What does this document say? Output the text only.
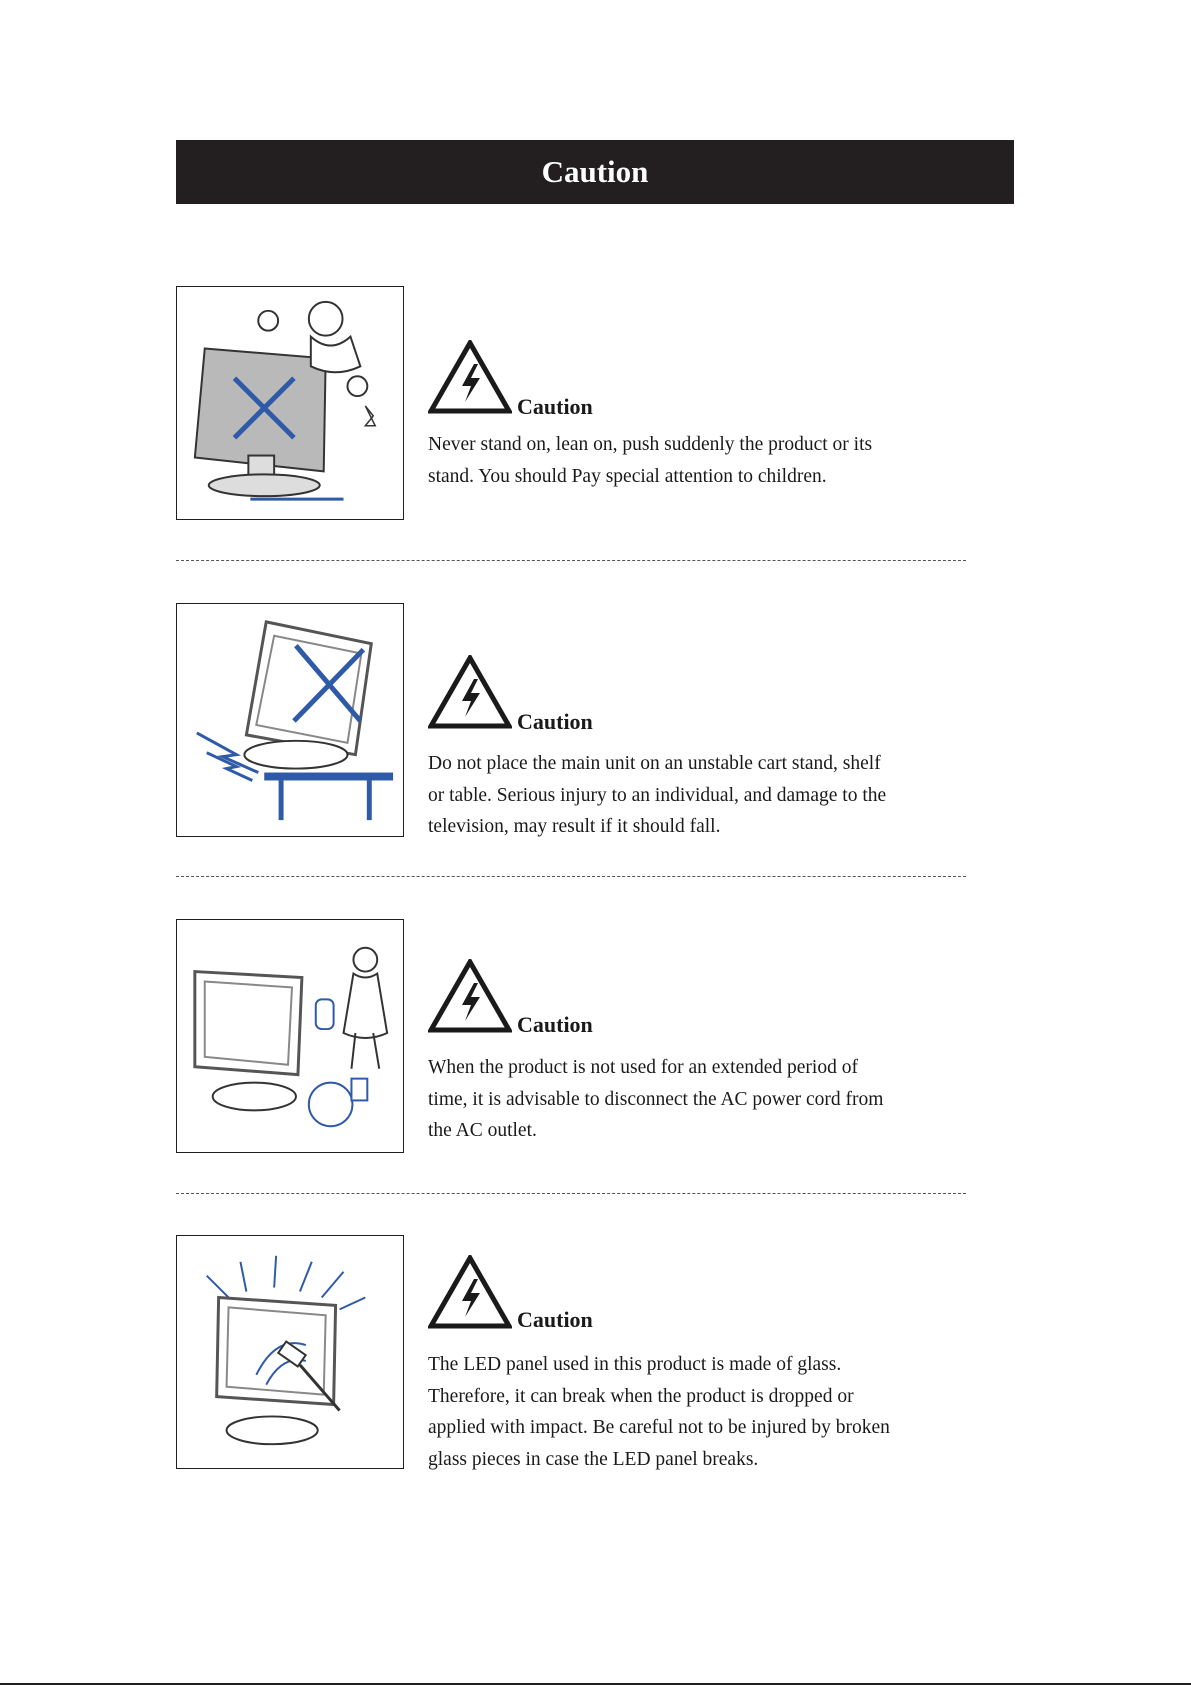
Caution
Caution
Never stand on, lean on, push suddenly the product or its stand. You should Pay special attention to children.
Caution
Do not place the main unit on an unstable cart stand, shelf or table. Serious injury to an individual, and damage to the television, may result if it should fall.
Caution
When the product is not used for an extended period of time, it is advisable to disconnect the AC power cord from the AC outlet.
Caution
The LED panel used in this product is made of glass. Therefore, it can break when the product is dropped or applied with impact. Be careful not to be injured by broken glass pieces in case the LED panel breaks.
